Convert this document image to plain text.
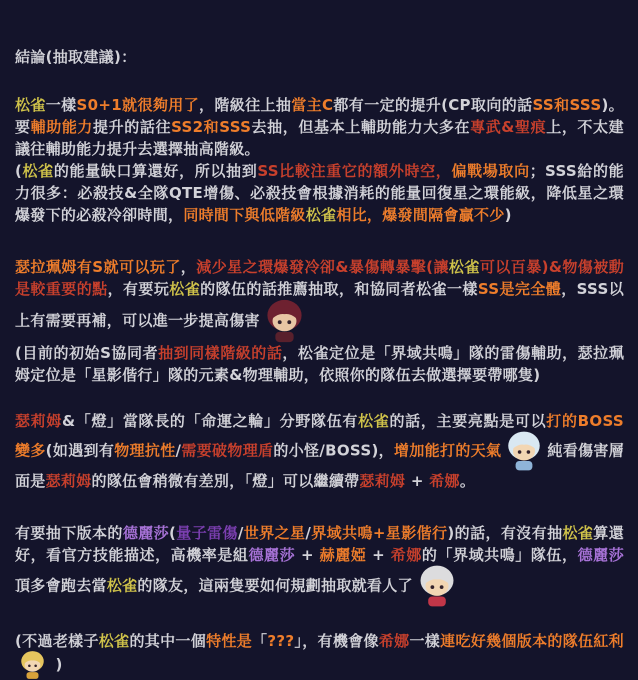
結論(抽取建議)：
松雀一樣S0+1就很夠用了，階級往上抽當主C都有一定的提升(CP取向的話SS和SSS)。要輔助能力提升的話往SS2和SSS去抽，但基本上輔助能力大多在專武&聖痕上，不太建議往輔助能力提升去選擇抽高階級。
(松雀的能量缺口算還好，所以抽到SS比較注重它的額外時空，偏戰場取向；SSS給的能力很多：必殺技&全隊QTE增傷、必殺技會根據消耗的能量回復星之環能級，降低星之環爆發下的必殺冷卻時間，同時間下與低階級松雀相比，爆發間隔會贏不少)
瑟拉珮姆有S就可以玩了，減少星之環爆發冷卻&暴傷轉暴擊(讓松雀可以百暴)&物傷被動是較重要的點，有要玩松雀的隊伍的話推薦抽取，和協同者松雀一樣SS是完全體，SSS以上有需要再補，可以進一步提高傷害
(目前的初始S協同者抽到同樣階級的話，松雀定位是「界域共鳴」隊的雷傷輔助，瑟拉珮姆定位是「星影偕行」隊的元素&物理輔助，依照你的隊伍去做選擇要帶哪隻)
瑟莉姆&「燈」當隊長的「命運之輪」分野隊伍有松雀的話，主要亮點是可以打的BOSS變多(如遇到有物理抗性/需要破物理盾的小怪/BOSS)，增加能打的天氣	純看傷害層面是瑟莉姆的隊伍會稍微有差別，「燈」可以繼續帶瑟莉姆 + 希娜。
有要抽下版本的德麗莎(量子雷傷/世界之星/界域共鳴+星影偕行)的話，有沒有抽松雀算還好，看官方技能描述，高機率是組德麗莎 + 赫麗婭 + 希娜的「界域共鳴」隊伍，德麗莎頂多會跑去當松雀的隊友，這兩隻要如何規劃抽取就看人了
(不過老樣子松雀的其中一個特性是「???」，有機會像希娜一樣連吃好幾個版本的隊伍紅利 )
